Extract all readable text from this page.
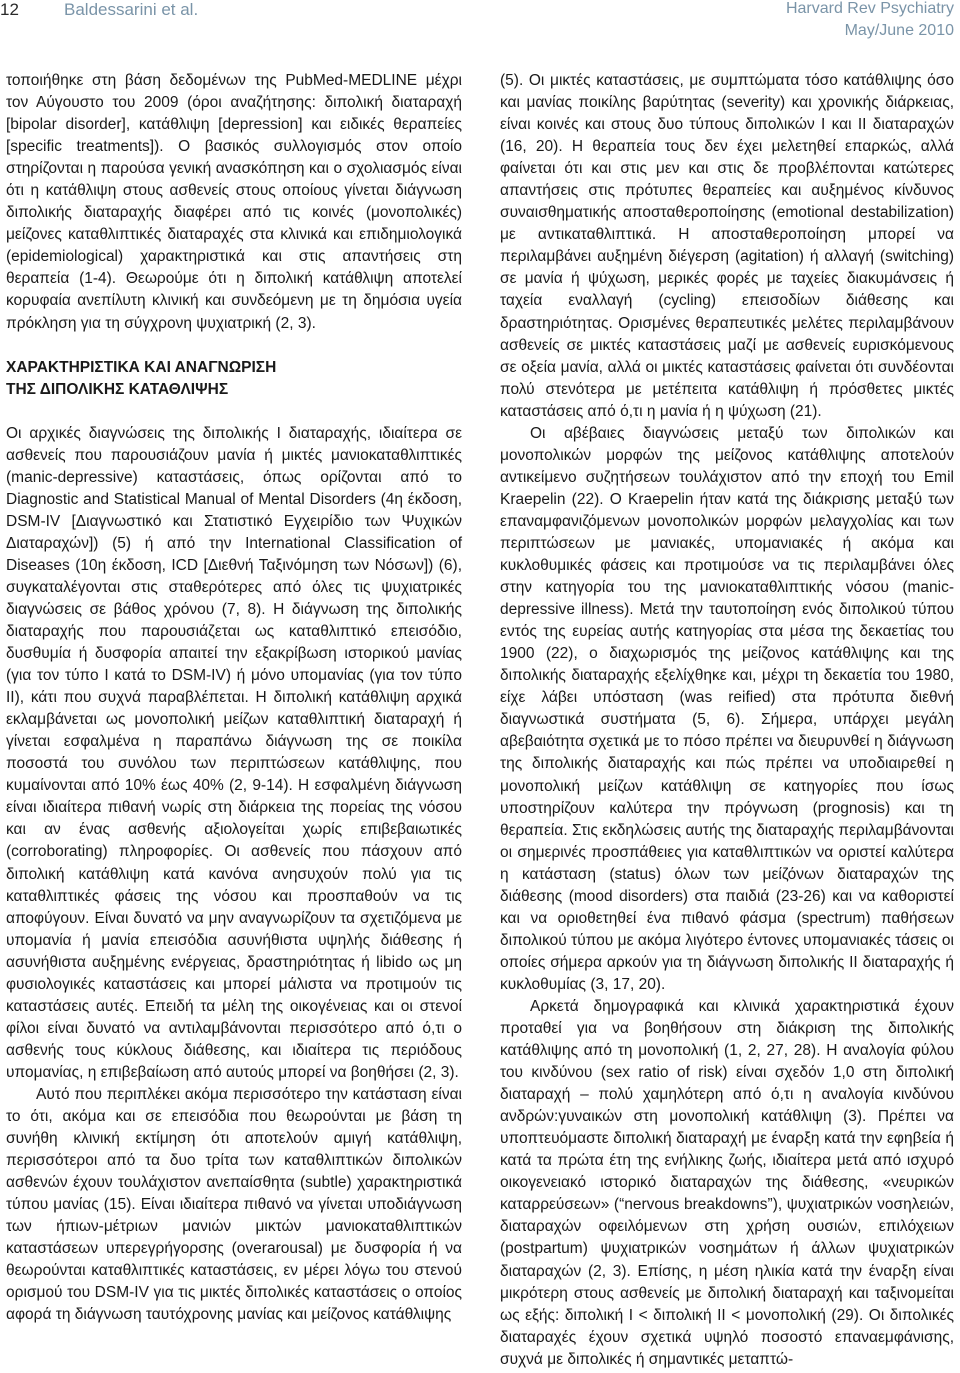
12	Baldessarini et al.	Harvard Rev Psychiatry
May/June 2010

τοποιήθηκε στη βάση δεδομένων της PubMed-MEDLINE μέχρι τον Αύγουστο του 2009 (όροι αναζήτησης: διπολική διαταραχή [bipolar disorder], κατάθλιψη [depression] και ειδικές θεραπείες [specific treatments]). Ο βασικός συλλογισμός στον οποίο στηρίζονται η παρούσα γενική ανασκόπηση και ο σχολιασμός είναι ότι η κατάθλιψη στους ασθενείς στους οποίους γίνεται διάγνωση διπολικής διαταραχής διαφέρει από τις κοινές (μονοπολικές) μείζονες καταθλιπτικές διαταραχές στα κλινικά και επιδημιολογικά (epidemiological) χαρακτηριστικά και στις απαντήσεις στη θεραπεία (1-4). Θεωρούμε ότι η διπολική κατάθλιψη αποτελεί κορυφαία ανεπίλυτη κλινική και συνδεόμενη με τη δημόσια υγεία πρόκληση για τη σύγχρονη ψυχιατρική (2, 3).

ΧΑΡΑΚΤΗΡΙΣΤΙΚΑ ΚΑΙ ΑΝΑΓΝΩΡΙΣΗ
ΤΗΣ ΔΙΠΟΛΙΚΗΣ ΚΑΤΑΘΛΙΨΗΣ

Οι αρχικές διαγνώσεις της διπολικής Ι διαταραχής, ιδιαίτερα σε ασθενείς που παρουσιάζουν μανία ή μικτές μανιοκαταθλιπτικές (manic-depressive) καταστάσεις, όπως ορίζονται από το Diagnostic and Statistical Manual of Mental Disorders (4η έκδοση, DSM-IV [Διαγνωστικό και Στατιστικό Εγχειρίδιο των Ψυχικών Διαταραχών]) (5) ή από την International Classification of Diseases (10η έκδοση, ICD [Διεθνή Ταξινόμηση των Νόσων]) (6), συγκαταλέγονται στις σταθερότερες από όλες τις ψυχιατρικές διαγνώσεις σε βάθος χρόνου (7, 8). Η διάγνωση της διπολικής διαταραχής που παρουσιάζεται ως καταθλιπτικό επεισόδιο, δυσθυμία ή δυσφορία απαιτεί την εξακρίβωση ιστορικού μανίας (για τον τύπο Ι κατά το DSM-IV) ή μόνο υπομανίας (για τον τύπο ΙΙ), κάτι που συχνά παραβλέπεται. Η διπολική κατάθλιψη αρχικά εκλαμβάνεται ως μονοπολική μείζων καταθλιπτική διαταραχή ή γίνεται εσφαλμένα η παραπάνω διάγνωση της σε ποικίλα ποσοστά του συνόλου των περιπτώσεων κατάθλιψης, που κυμαίνονται από 10% έως 40% (2, 9-14). Η εσφαλμένη διάγνωση είναι ιδιαίτερα πιθανή νωρίς στη διάρκεια της πορείας της νόσου και αν ένας ασθενής αξιολογείται χωρίς επιβεβαιωτικές (corroborating) πληροφορίες. Οι ασθενείς που πάσχουν από διπολική κατάθλιψη κατά κανόνα ανησυχούν πολύ για τις καταθλιπτικές φάσεις της νόσου και προσπαθούν να τις αποφύγουν. Είναι δυνατό να μην αναγνωρίζουν τα σχετιζόμενα με υπομανία ή μανία επεισόδια ασυνήθιστα υψηλής διάθεσης ή ασυνήθιστα αυξημένης ενέργειας, δραστηριότητας ή libido ως μη φυσιολογικές καταστάσεις και μπορεί μάλιστα να προτιμούν τις καταστάσεις αυτές. Επειδή τα μέλη της οικογένειας και οι στενοί φίλοι είναι δυνατό να αντιλαμβάνονται περισσότερο από ό,τι ο ασθενής τους κύκλους διάθεσης, και ιδιαίτερα τις περιόδους υπομανίας, η επιβεβαίωση από αυτούς μπορεί να βοηθήσει (2, 3).

Αυτό που περιπλέκει ακόμα περισσότερο την κατάσταση είναι το ότι, ακόμα και σε επεισόδια που θεωρούνται με βάση τη συνήθη κλινική εκτίμηση ότι αποτελούν αμιγή κατάθλιψη, περισσότεροι από τα δυο τρίτα των καταθλιπτικών διπολικών ασθενών έχουν τουλάχιστον ανεπαίσθητα (subtle) χαρακτηριστικά τύπου μανίας (15). Είναι ιδιαίτερα πιθανό να γίνεται υποδιάγνωση των ήπιων-μέτριων μανιών μικτών μανιοκαταθλιπτικών καταστάσεων υπερεγρήγορσης (overarousal) με δυσφορία ή να θεωρούνται καταθλιπτικές καταστάσεις, εν μέρει λόγω του στενού ορισμού του DSM-IV για τις μικτές διπολικές καταστάσεις ο οποίος αφορά τη διάγνωση ταυτόχρονης μανίας και μείζονος κατάθλιψης

(5). Οι μικτές καταστάσεις, με συμπτώματα τόσο κατάθλιψης όσο και μανίας ποικίλης βαρύτητας (severity) και χρονικής διάρκειας, είναι κοινές και στους δυο τύπους διπολικών Ι και ΙΙ διαταραχών (16, 20). Η θεραπεία τους δεν έχει μελετηθεί επαρκώς, αλλά φαίνεται ότι και στις μεν και στις δε προβλέπονται κατώτερες απαντήσεις στις πρότυπες θεραπείες και αυξημένος κίνδυνος συναισθηματικής αποσταθεροποίησης (emotional destabilization) με αντικαταθλιπτικά. Η αποσταθεροποίηση μπορεί να περιλαμβάνει αυξημένη διέγερση (agitation) ή αλλαγή (switching) σε μανία ή ψύχωση, μερικές φορές με ταχείες διακυμάνσεις ή ταχεία εναλλαγή (cycling) επεισοδίων διάθεσης και δραστηριότητας. Ορισμένες θεραπευτικές μελέτες περιλαμβάνουν ασθενείς σε μικτές καταστάσεις μαζί με ασθενείς ευρισκόμενους σε οξεία μανία, αλλά οι μικτές καταστάσεις φαίνεται ότι συνδέονται πολύ στενότερα με μετέπειτα κατάθλιψη ή πρόσθετες μικτές καταστάσεις από ό,τι η μανία ή η ψύχωση (21).

Οι αβέβαιες διαγνώσεις μεταξύ των διπολικών και μονοπολικών μορφών της μείζονος κατάθλιψης αποτελούν αντικείμενο συζητήσεων τουλάχιστον από την εποχή του Emil Kraepelin (22). Ο Kraepelin ήταν κατά της διάκρισης μεταξύ των επαναμφανιζόμενων μονοπολικών μορφών μελαγχολίας και των περιπτώσεων με μανιακές, υπομανιακές ή ακόμα και κυκλοθυμικές φάσεις και προτιμούσε να τις περιλαμβάνει όλες στην κατηγορία του της μανιοκαταθλιπτικής νόσου (manic-depressive illness). Μετά την ταυτοποίηση ενός διπολικού τύπου εντός της ευρείας αυτής κατηγορίας στα μέσα της δεκαετίας του 1900 (22), ο διαχωρισμός της μείζονος κατάθλιψης και της διπολικής διαταραχής εξελίχθηκε και, μέχρι τη δεκαετία του 1980, είχε λάβει υπόσταση (was reified) στα πρότυπα διεθνή διαγνωστικά συστήματα (5, 6). Σήμερα, υπάρχει μεγάλη αβεβαιότητα σχετικά με το πόσο πρέπει να διευρυνθεί η διάγνωση της διπολικής διαταραχής και πώς πρέπει να υποδιαιρεθεί η μονοπολική μείζων κατάθλιψη σε κατηγορίες που ίσως υποστηρίζουν καλύτερα την πρόγνωση (prognosis) και τη θεραπεία. Στις εκδηλώσεις αυτής της διαταραχής περιλαμβάνονται οι σημερινές προσπάθειες για καταθλιπτικών να οριστεί καλύτερα η κατάσταση (status) όλων των μείζόνων διαταραχών της διάθεσης (mood disorders) στα παιδιά (23-26) και να καθοριστεί και να οριοθετηθεί ένα πιθανό φάσμα (spectrum) παθήσεων διπολικού τύπου με ακόμα λιγότερο έντονες υπομανιακές τάσεις οι οποίες σήμερα αρκούν για τη διάγνωση διπολικής ΙΙ διαταραχής ή κυκλοθυμίας (3, 17, 20).

Αρκετά δημογραφικά και κλινικά χαρακτηριστικά έχουν προταθεί για να βοηθήσουν στη διάκριση της διπολικής κατάθλιψης από τη μονοπολική (1, 2, 27, 28). Η αναλογία φύλου του κινδύνου (sex ratio of risk) είναι σχεδόν 1,0 στη διπολική διαταραχή – πολύ χαμηλότερη από ό,τι η αναλογία κινδύνου ανδρών:γυναικών στη μονοπολική κατάθλιψη (3). Πρέπει να υποπτευόμαστε διπολική διαταραχή με έναρξη κατά την εφηβεία ή κατά τα πρώτα έτη της ενήλικης ζωής, ιδιαίτερα μετά από ισχυρό οικογενειακό ιστορικό διαταραχών της διάθεσης, «νευρικών καταρρεύσεων» (“nervous breakdowns”), ψυχιατρικών νοσηλειών, διαταραχών οφειλόμενων στη χρήση ουσιών, επιλόχειων (postpartum) ψυχιατρικών νοσημάτων ή άλλων ψυχιατρικών διαταραχών (2, 3). Επίσης, η μέση ηλικία κατά την έναρξη είναι μικρότερη στους ασθενείς με διπολική διαταραχή και ταξινομείται ως εξής: διπολική Ι < διπολική ΙΙ < μονοπολική (29). Οι διπολικές διαταραχές έχουν σχετικά υψηλό ποσοστό επαναεμφάνισης, συχνά με διπολικές ή σημαντικές μεταπτώ-
